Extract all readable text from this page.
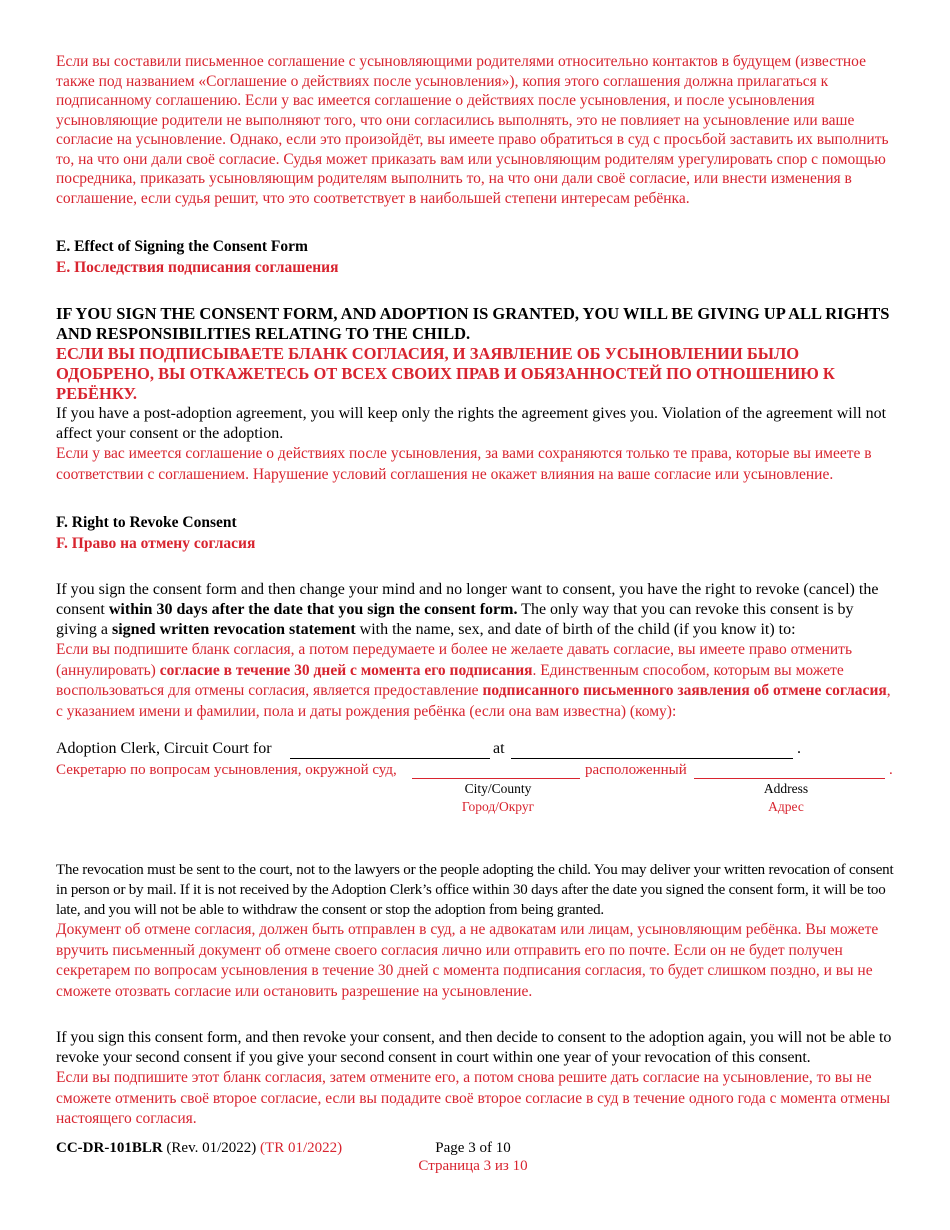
Если вы составили письменное соглашение с усыновляющими родителями относительно контактов в будущем (известное также под названием «Соглашение о действиях после усыновления»), копия этого соглашения должна прилагаться к подписанному соглашению. Если у вас имеется соглашение о действиях после усыновления, и после усыновления усыновляющие родители не выполняют того, что они согласились выполнять, это не повлияет на усыновление или ваше согласие на усыновление. Однако, если это произойдёт, вы имеете право обратиться в суд с просьбой заставить их выполнить то, на что они дали своё согласие. Судья может приказать вам или усыновляющим родителям урегулировать спор с помощью посредника, приказать усыновляющим родителям выполнить то, на что они дали своё согласие, или внести изменения в соглашение, если судья решит, что это соответствует в наибольшей степени интересам ребёнка.

E. Effect of Signing the Consent Form

E. Последствия подписания соглашения

IF YOU SIGN THE CONSENT FORM, AND ADOPTION IS GRANTED, YOU WILL BE GIVING UP ALL RIGHTS AND RESPONSIBILITIES RELATING TO THE CHILD.

ЕСЛИ ВЫ ПОДПИСЫВАЕТЕ БЛАНК СОГЛАСИЯ, И ЗАЯВЛЕНИЕ ОБ УСЫНОВЛЕНИИ БЫЛО ОДОБРЕНО, ВЫ ОТКАЖЕТЕСЬ ОТ ВСЕХ СВОИХ ПРАВ И ОБЯЗАННОСТЕЙ ПО ОТНОШЕНИЮ К РЕБЁНКУ.

If you have a post-adoption agreement, you will keep only the rights the agreement gives you. Violation of the agreement will not affect your consent or the adoption.

Если у вас имеется соглашение о действиях после усыновления, за вами сохраняются только те права, которые вы имеете в соответствии с соглашением. Нарушение условий соглашения не окажет влияния на ваше согласие или усыновление.

F. Right to Revoke Consent

F. Право на отмену согласия

If you sign the consent form and then change your mind and no longer want to consent, you have the right to revoke (cancel) the consent within 30 days after the date that you sign the consent form. The only way that you can revoke this consent is by giving a signed written revocation statement with the name, sex, and date of birth of the child (if you know it) to:

Если вы подпишите бланк согласия, а потом передумаете и более не желаете давать согласие, вы имеете право отменить (аннулировать) согласие в течение 30 дней с момента его подписания. Единственным способом, которым вы можете воспользоваться для отмены согласия, является предоставление подписанного письменного заявления об отмене согласия, с указанием имени и фамилии, пола и даты рождения ребёнка (если она вам известна) (кому):

Adoption Clerk, Circuit Court for	at	.
Секретарю по вопросам усыновления, окружной суд,	расположенный	.
City/County
Город/Округ
Address
Адрес

The revocation must be sent to the court, not to the lawyers or the people adopting the child. You may deliver your written revocation of consent in person or by mail. If it is not received by the Adoption Clerk’s office within 30 days after the date you signed the consent form, it will be too late, and you will not be able to withdraw the consent or stop the adoption from being granted.

Документ об отмене согласия, должен быть отправлен в суд, а не адвокатам или лицам, усыновляющим ребёнка. Вы можете вручить письменный документ об отмене своего согласия лично или отправить его по почте. Если он не будет получен секретарем по вопросам усыновления в течение 30 дней с момента подписания согласия, то будет слишком поздно, и вы не сможете отозвать согласие или остановить разрешение на усыновление.

If you sign this consent form, and then revoke your consent, and then decide to consent to the adoption again, you will not be able to revoke your second consent if you give your second consent in court within one year of your revocation of this consent.

Если вы подпишите этот бланк согласия, затем отмените его, а потом снова решите дать согласие на усыновление, то вы не сможете отменить своё второе согласие, если вы подадите своё второе согласие в суд в течение одного года с момента отмены настоящего согласия.

CC-DR-101BLR (Rev. 01/2022) (TR 01/2022)	Page 3 of 10
Страница 3 из 10
